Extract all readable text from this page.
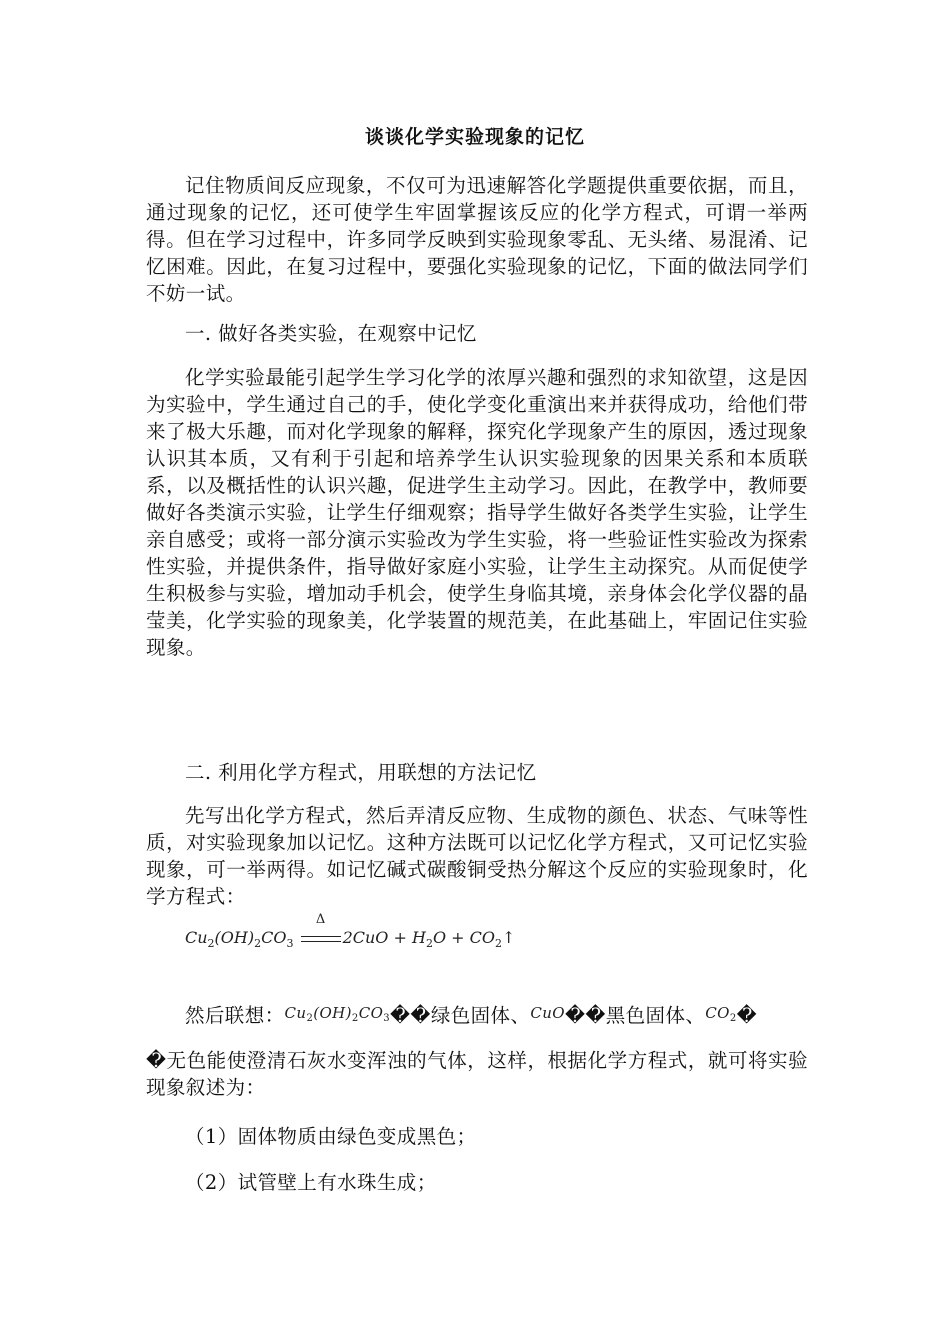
谈谈化学实验现象的记忆
记住物质间反应现象，不仅可为迅速解答化学题提供重要依据，而且，通过现象的记忆，还可使学生牢固掌握该反应的化学方程式，可谓一举两得。但在学习过程中，许多同学反映到实验现象零乱、无头绪、易混淆、记忆困难。因此，在复习过程中，要强化实验现象的记忆，下面的做法同学们不妨一试。
一. 做好各类实验，在观察中记忆
化学实验最能引起学生学习化学的浓厚兴趣和强烈的求知欲望，这是因为实验中，学生通过自己的手，使化学变化重演出来并获得成功，给他们带来了极大乐趣，而对化学现象的解释，探究化学现象产生的原因，透过现象认识其本质，又有利于引起和培养学生认识实验现象的因果关系和本质联系，以及概括性的认识兴趣，促进学生主动学习。因此，在教学中，教师要做好各类演示实验，让学生仔细观察；指导学生做好各类学生实验，让学生亲自感受；或将一部分演示实验改为学生实验，将一些验证性实验改为探索性实验，并提供条件，指导做好家庭小实验，让学生主动探究。从而促使学生积极参与实验，增加动手机会，使学生身临其境，亲身体会化学仪器的晶莹美，化学实验的现象美，化学装置的规范美，在此基础上，牢固记住实验现象。
二. 利用化学方程式，用联想的方法记忆
先写出化学方程式，然后弄清反应物、生成物的颜色、状态、气味等性质，对实验现象加以记忆。这种方法既可以记忆化学方程式，又可记忆实验现象，可一举两得。如记忆碱式碳酸铜受热分解这个反应的实验现象时，化学方程式：
$Cu_2(OH)_2CO_3$
Δ
$2CuO + H_2O$ + $CO_2↑$
然后联想：$^{Cu_2(OH)_2CO_3}$��绿色固体、$^{CuO}$��黑色固体、$^{CO_2}$�
�无色能使澄清石灰水变浑浊的气体，这样，根据化学方程式，就可将实验现象叙述为：
（1）固体物质由绿色变成黑色；
（2）试管壁上有水珠生成；
